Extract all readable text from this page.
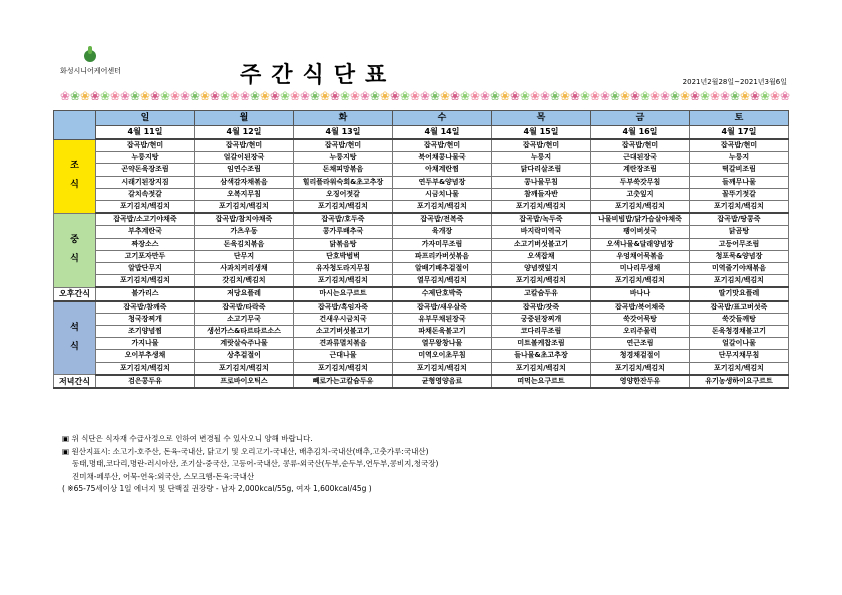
화성시니어케어센터	주간식단표	2021년2월28일~2021년3월6일
❀❀❀❀❀❀❀❀❀❀❀❀❀❀❀❀❀❀❀❀❀❀❀❀❀❀❀❀❀❀❀❀❀❀❀❀❀❀❀❀❀❀❀❀❀❀❀❀❀❀❀❀❀❀❀❀❀❀❀❀❀❀❀❀❀❀❀❀❀❀❀❀❀
	일	월	화	수	목	금	토
	4월 11일	4월 12일	4월 13일	4월 14일	4월 15일	4월 16일	4월 17일

조
식	잡곡밥/현미	잡곡밥/현미	잡곡밥/현미	잡곡밥/현미	잡곡밥/현미	잡곡밥/현미	잡곡밥/현미
	누룽지탕	얼갈이된장국	누룽지탕	북어채콩나물국	누룽지	근대된장국	누룽지
	곤약돈육장조림	임연수조림	돈채피망볶음	아채계란찜	닭다리살조림	계란장조림	떡갈비조림
	시래기된장지짐	삼색감자채볶음	힐리플라워숙회&초고추장	연두부&양념장	콩나물무침	두부쑥갓무침	들깨무나물
	갈치속젓갈	오복지무침	오징어젓갈	시금치나물	참깨들자반	고춧잎지	꼴뚜기젓갈
	포기김치/백김치	포기김치/백김치	포기김치/백김치	포기김치/백김치	포기김치/백김치	포기김치/백김치	포기김치/백김치

중
식	잡곡밥/소고기야채죽	잡곡밥/참치야채죽	잡곡밥/호두죽	잡곡밥/전복죽	잡곡밥/녹두죽	나물비빔밥/닭가슴살야채죽	잡곡밥/땅콩죽
	부추계란국	가츠우동	콩가루배추국	육개장	바지락미역국	팽이버섯국	닭곰탕
	짜장소스	돈육김치볶음	닭볶음탕	가자미무조림	소고기버섯불고기	오색나물&달래양념장	고등어무조림
	고기포자만두	단무지	단호박범벅	파프리카버섯볶음	오색잡채	우엉채어묵볶음	청포묵&양념장
	알밥단무지	사과치커리생채	유자청도라지무침	알배기배추겉절이	양념깻잎지	미나리무생채	미역줄기야채볶음
	포기김치/백김치	갓김치/백김치	포기김치/백김치	열무김치/백김치	포기김치/백김치	포기김치/백김치	포기김치/백김치
오후간식	불가리스	저당요플레	마시는요구르트	수제단호박죽	고칼슘두유	바나나	딸기맛요플레

석
식	잡곡밥/참깨죽	잡곡밥/타락죽	잡곡밥/흑임자죽	잡곡밥/새우살죽	잡곡밥/잣죽	잡곡밥/북어채죽	잡곡밥/표고버섯죽
	청국장찌개	소고기무국	건새우시금치국	유부무채된장국	궁중된장찌개	쑥갓어묵탕	쑥갓들깨탕
	조기양념찜	생선가스&타르타르소스	소고기버섯불고기	파채돈육불고기	코다리무조림	오리주물럭	돈육청경채불고기
	가지나물	계랏살숙주나물	견과류멸치볶음	열무왕창나물	미트볼케찹조림	연근조림	얼갈이나물
	오이부추생채	상추겉절이	근대나물	미역오이초무침	들나물&초고추장	청경채겉절이	단무지채무침
	포기김치/백김치	포기김치/백김치	포기김치/백김치	포기김치/백김치	포기김치/백김치	포기김치/백김치	포기김치/백김치
저녁간식	검은콩두유	프로바이오틱스	빼로가는고칼슘두유	균형영양음료	떠먹는요구르트	영양한잔두유	유기농생하이요구르트
▣ 위 식단은 식자재 수급사정으로 인하여 변경될 수 있사오니 양해 바랍니다.
▣ 원산지표시: 소고기-호주산, 돈육-국내산, 닭고기 및 오리고기-국내산, 배추김치-국내산(배추,고춧가루:국내산)
동태,명태,코다리,명란-러시아산, 조기살-중국산, 고등어-국내산, 콩류-외국산(두부,순두부,연두부,콩비지,청국장)
진미채-페루산, 어묵-연육:외국산, 스모크햄-돈육:국내산
( ※65-75세이상 1일 에너지 및 단백질 권장량 - 남자 2,000kcal/55g, 여자 1,600kcal/45g )
